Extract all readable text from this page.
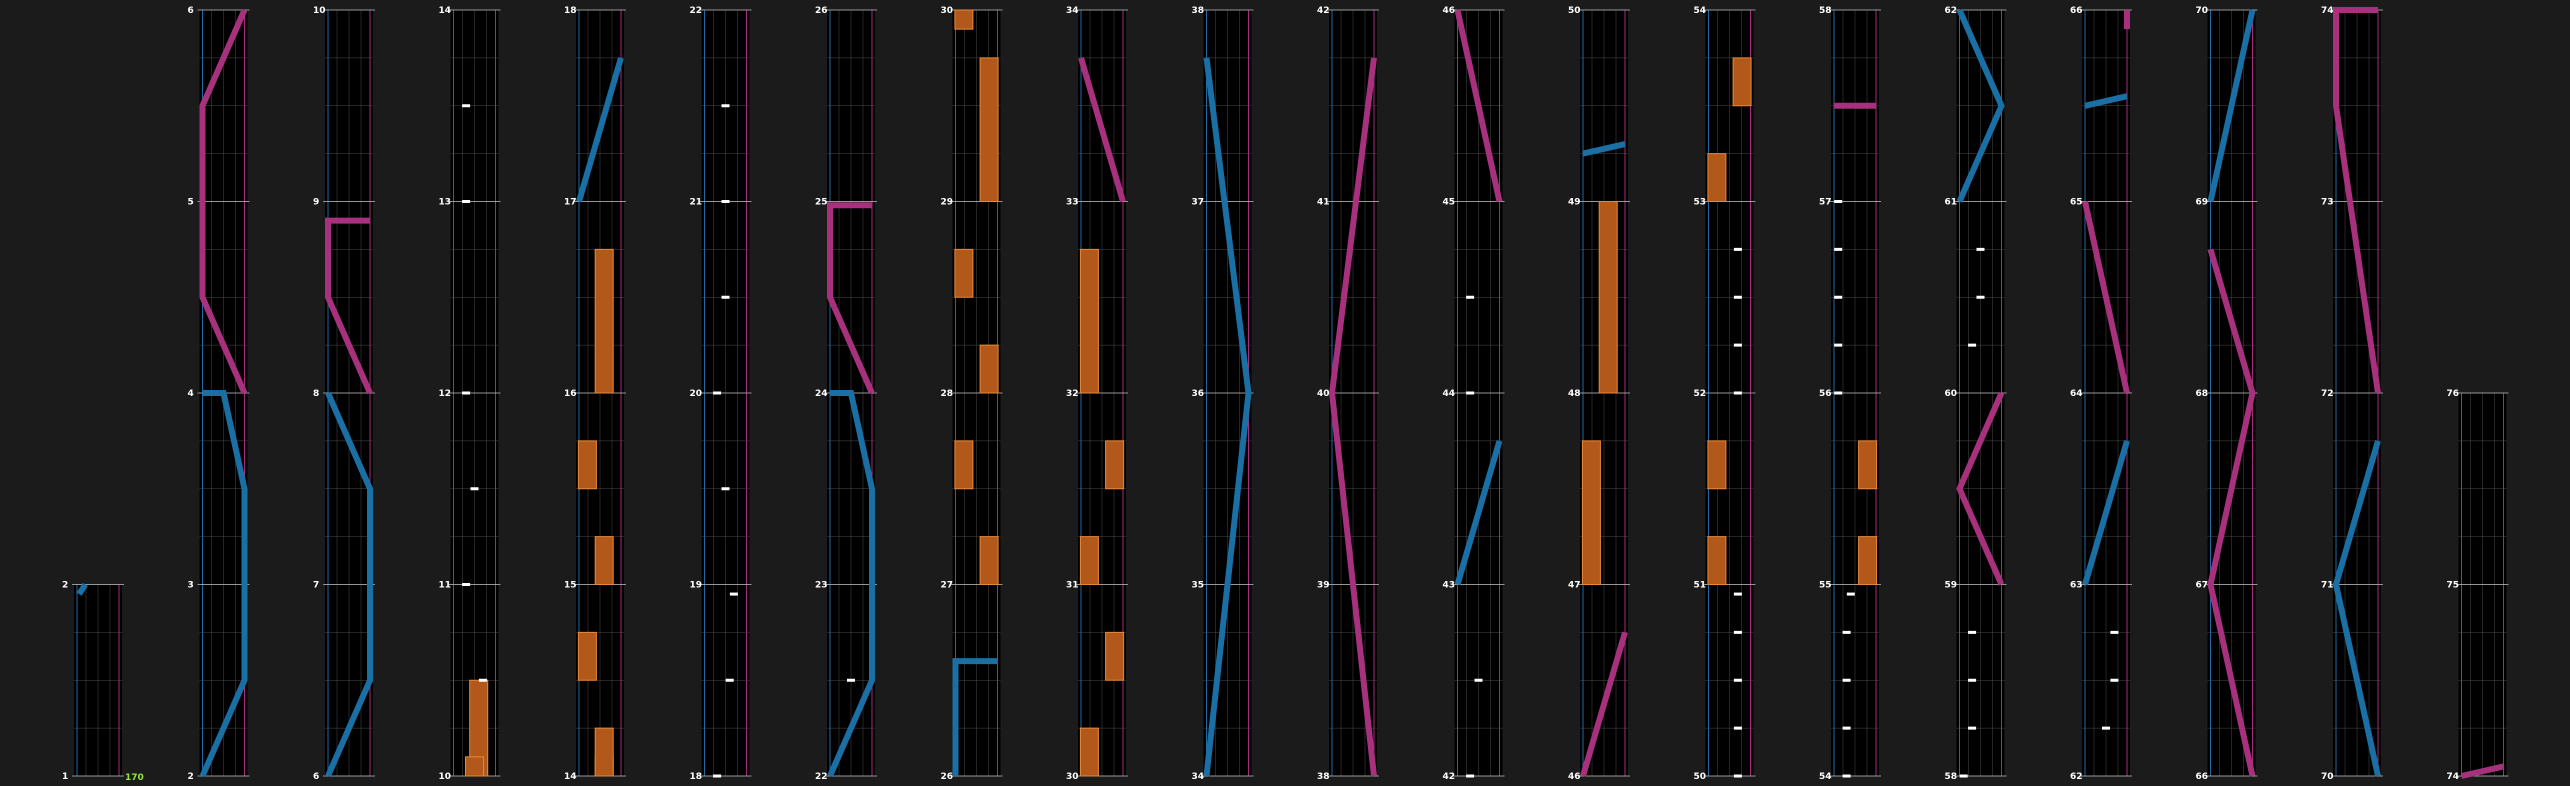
1	2
2	3
4
5
6
6
7
8
9
10
10
11
12
13
14
14
15
16
17
18
18
19
20
21
22
22
23
24
25
26
26
27
28
29
30
30
31
32
33
34
34
35
36
37
38
38
39
40
41
42
42
43
44
45
46
46
47
48
49
50
50
51
52
53
54
54
55
56
57
58
58
59
60
61
62
62
63
64
65
66
66
67
68
69
70
70
71
72
73
74
74
75
76
170
